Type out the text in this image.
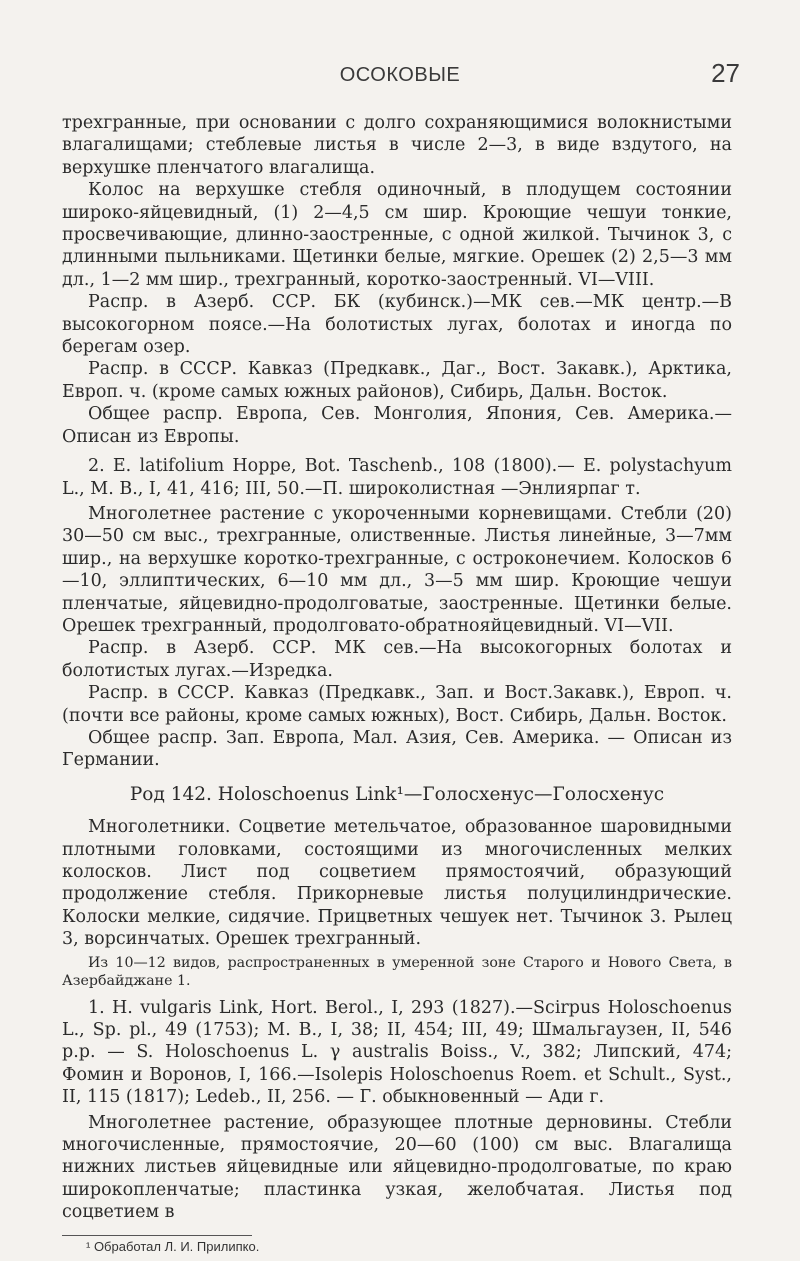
ОСОКОВЫЕ	27

трехгранные, при основании с долго сохраняющимися волокнистыми влагалищами; стеблевые листья в числе 2—3, в виде вздутого, на верхушке пленчатого влагалища.

Колос на верхушке стебля одиночный, в плодущем состоянии широко-яйцевидный, (1) 2—4,5 см шир. Кроющие чешуи тонкие, просвечивающие, длинно-заостренные, с одной жилкой. Тычинок 3, с длинными пыльниками. Щетинки белые, мягкие. Орешек (2) 2,5—3 мм дл., 1—2 мм шир., трехгранный, коротко-заостренный. VI—VIII.

Распр. в Азерб. ССР. БК (кубинск.)—МК сев.—МК центр.—В высокогорном поясе.—На болотистых лугах, болотах и иногда по берегам озер.

Распр. в СССР. Кавказ (Предкавк., Даг., Вост. Закавк.), Арктика, Европ. ч. (кроме самых южных районов), Сибирь, Дальн. Восток.

Общее распр. Европа, Сев. Монголия, Япония, Сев. Америка.—Описан из Европы.

2. E. latifolium Hoppe, Bot. Taschenb., 108 (1800).— E. polystachyum L., M. B., I, 41, 416; III, 50.—П. широколистная —Энлиярпаг т.

Многолетнее растение с укороченными корневищами. Стебли (20) 30—50 см выс., трехгранные, олиственные. Листья линейные, 3—7мм шир., на верхушке коротко-трехгранные, с остроконечием. Колосков 6—10, эллиптических, 6—10 мм дл., 3—5 мм шир. Кроющие чешуи пленчатые, яйцевидно-продолговатые, заостренные. Щетинки белые. Орешек трехгранный, продолговато-обратнояйцевидный. VI—VII.

Распр. в Азерб. ССР. МК сев.—На высокогорных болотах и болотистых лугах.—Изредка.

Распр. в СССР. Кавказ (Предкавк., Зап. и Вост.Закавк.), Европ. ч. (почти все районы, кроме самых южных), Вост. Сибирь, Дальн. Восток.

Общее распр. Зап. Европа, Мал. Азия, Сев. Америка. — Описан из Германии.

Род 142. Holoschoenus Link¹—Голосхенус—Голосхенус

Многолетники. Соцветие метельчатое, образованное шаровидными плотными головками, состоящими из многочисленных мелких колосков. Лист под соцветием прямостоячий, образующий продолжение стебля. Прикорневые листья полуцилиндрические. Колоски мелкие, сидячие. Прицветных чешуек нет. Тычинок 3. Рылец 3, ворсинчатых. Орешек трехгранный.

Из 10—12 видов, распространенных в умеренной зоне Старого и Нового Света, в Азербайджане 1.

1. H. vulgaris Link, Hort. Berol., I, 293 (1827).—Scirpus Holoschoenus L., Sp. pl., 49 (1753); M. B., I, 38; II, 454; III, 49; Шмальгаузен, II, 546 р.р. — S. Holoschoenus L. γ australis Boiss., V., 382; Липский, 474; Фомин и Воронов, I, 166.—Isolepis Holoschoenus Roem. et Schult., Syst., II, 115 (1817); Ledeb., II, 256. — Г. обыкновенный — Ади г.

Многолетнее растение, образующее плотные дерновины. Стебли многочисленные, прямостоячие, 20—60 (100) см выс. Влагалища нижних листьев яйцевидные или яйцевидно-продолговатые, по краю широкопленчатые; пластинка узкая, желобчатая. Листья под соцветием в

¹ Обработал Л. И. Прилипко.
